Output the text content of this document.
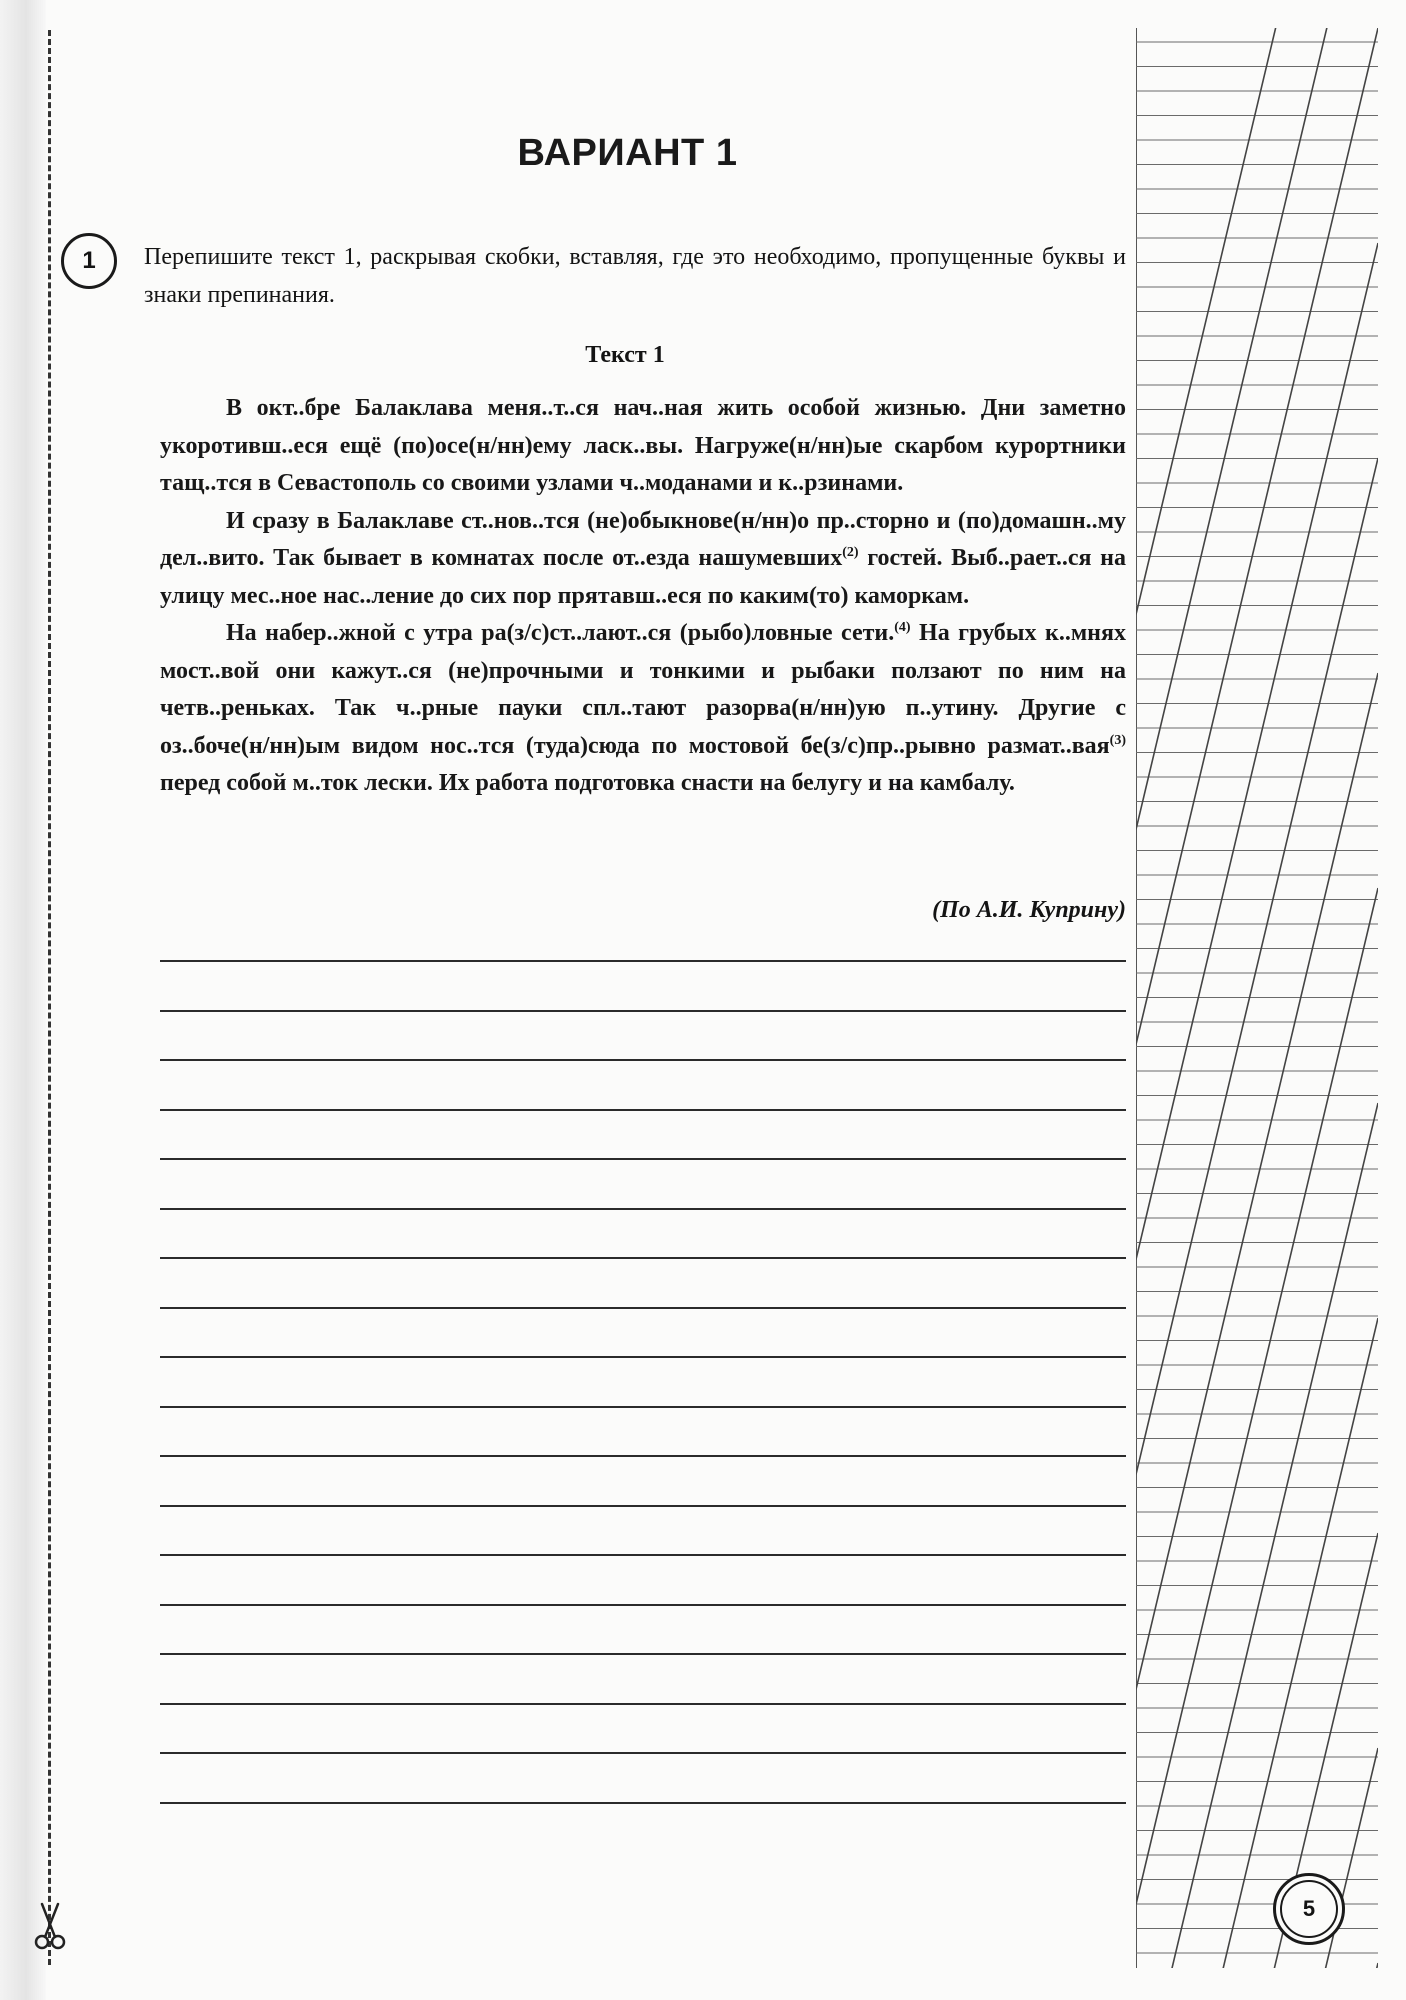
ВАРИАНТ 1
1	Перепишите текст 1, раскрывая скобки, вставляя, где это необходимо, пропущенные буквы и знаки препинания.
Текст 1

В окт..бре Балаклава меня..т..ся нач..ная жить особой жизнью. Дни заметно укоротивш..еся ещё (по)осе(н/нн)ему ласк..вы. Нагруже(н/нн)ые скарбом курортники тащ..тся в Севастополь со своими узлами ч..моданами и к..рзинами.

И сразу в Балаклаве ст..нов..тся (не)обыкнове(н/нн)о пр..сторно и (по)домашн..му дел..вито. Так бывает в комнатах после от..езда нашумевших$^{(2)}$ гостей. Выб..рает..ся на улицу мес..ное нас..ление до сих пор прятавш..еся по каким(то) каморкам.

На набер..жной с утра ра(з/с)ст..лают..ся (рыбо)ловные сети.$^{(4)}$ На грубых к..мнях мост..вой они кажут..ся (не)прочными и тонкими и рыбаки ползают по ним на четв..реньках. Так ч..рные пауки спл..тают разорва(н/нн)ую п..утину. Другие с оз..боче(н/нн)ым видом нос..тся (туда)сюда по мостовой бе(з/с)пр..рывно размат..вая$^{(3)}$ перед собой м..ток лески. Их работа подготовка снасти на белугу и на камбалу.

(По А.И. Куприну)
5
